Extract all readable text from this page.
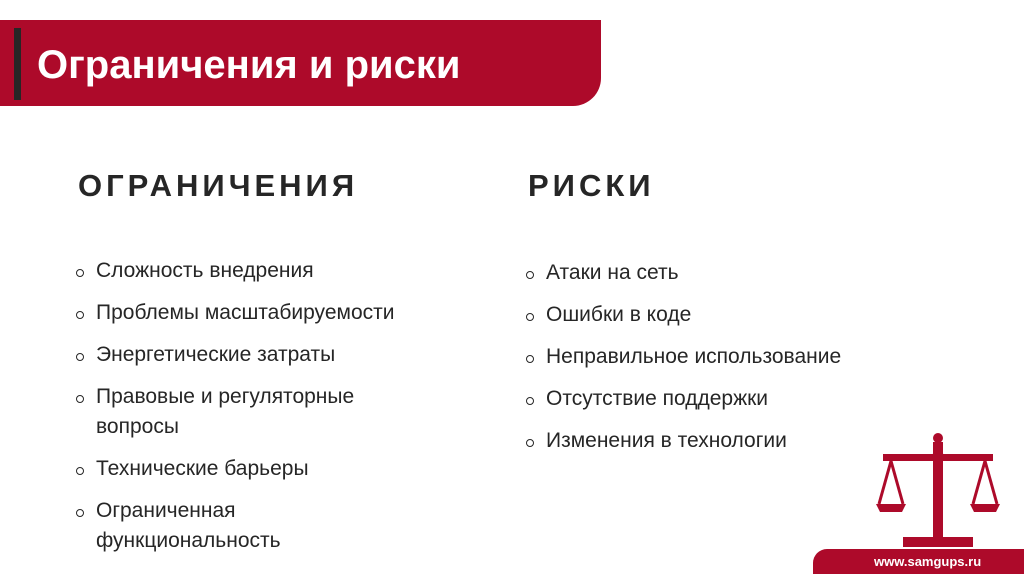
Ограничения и риски
ОГРАНИЧЕНИЯ
Сложность внедрения
Проблемы масштабируемости
Энергетические затраты
Правовые и регуляторные вопросы
Технические барьеры
Ограниченная функциональность
РИСКИ
Атаки на сеть
Ошибки в коде
Неправильное использование
Отсутствие поддержки
Изменения в технологии
www.samgups.ru
